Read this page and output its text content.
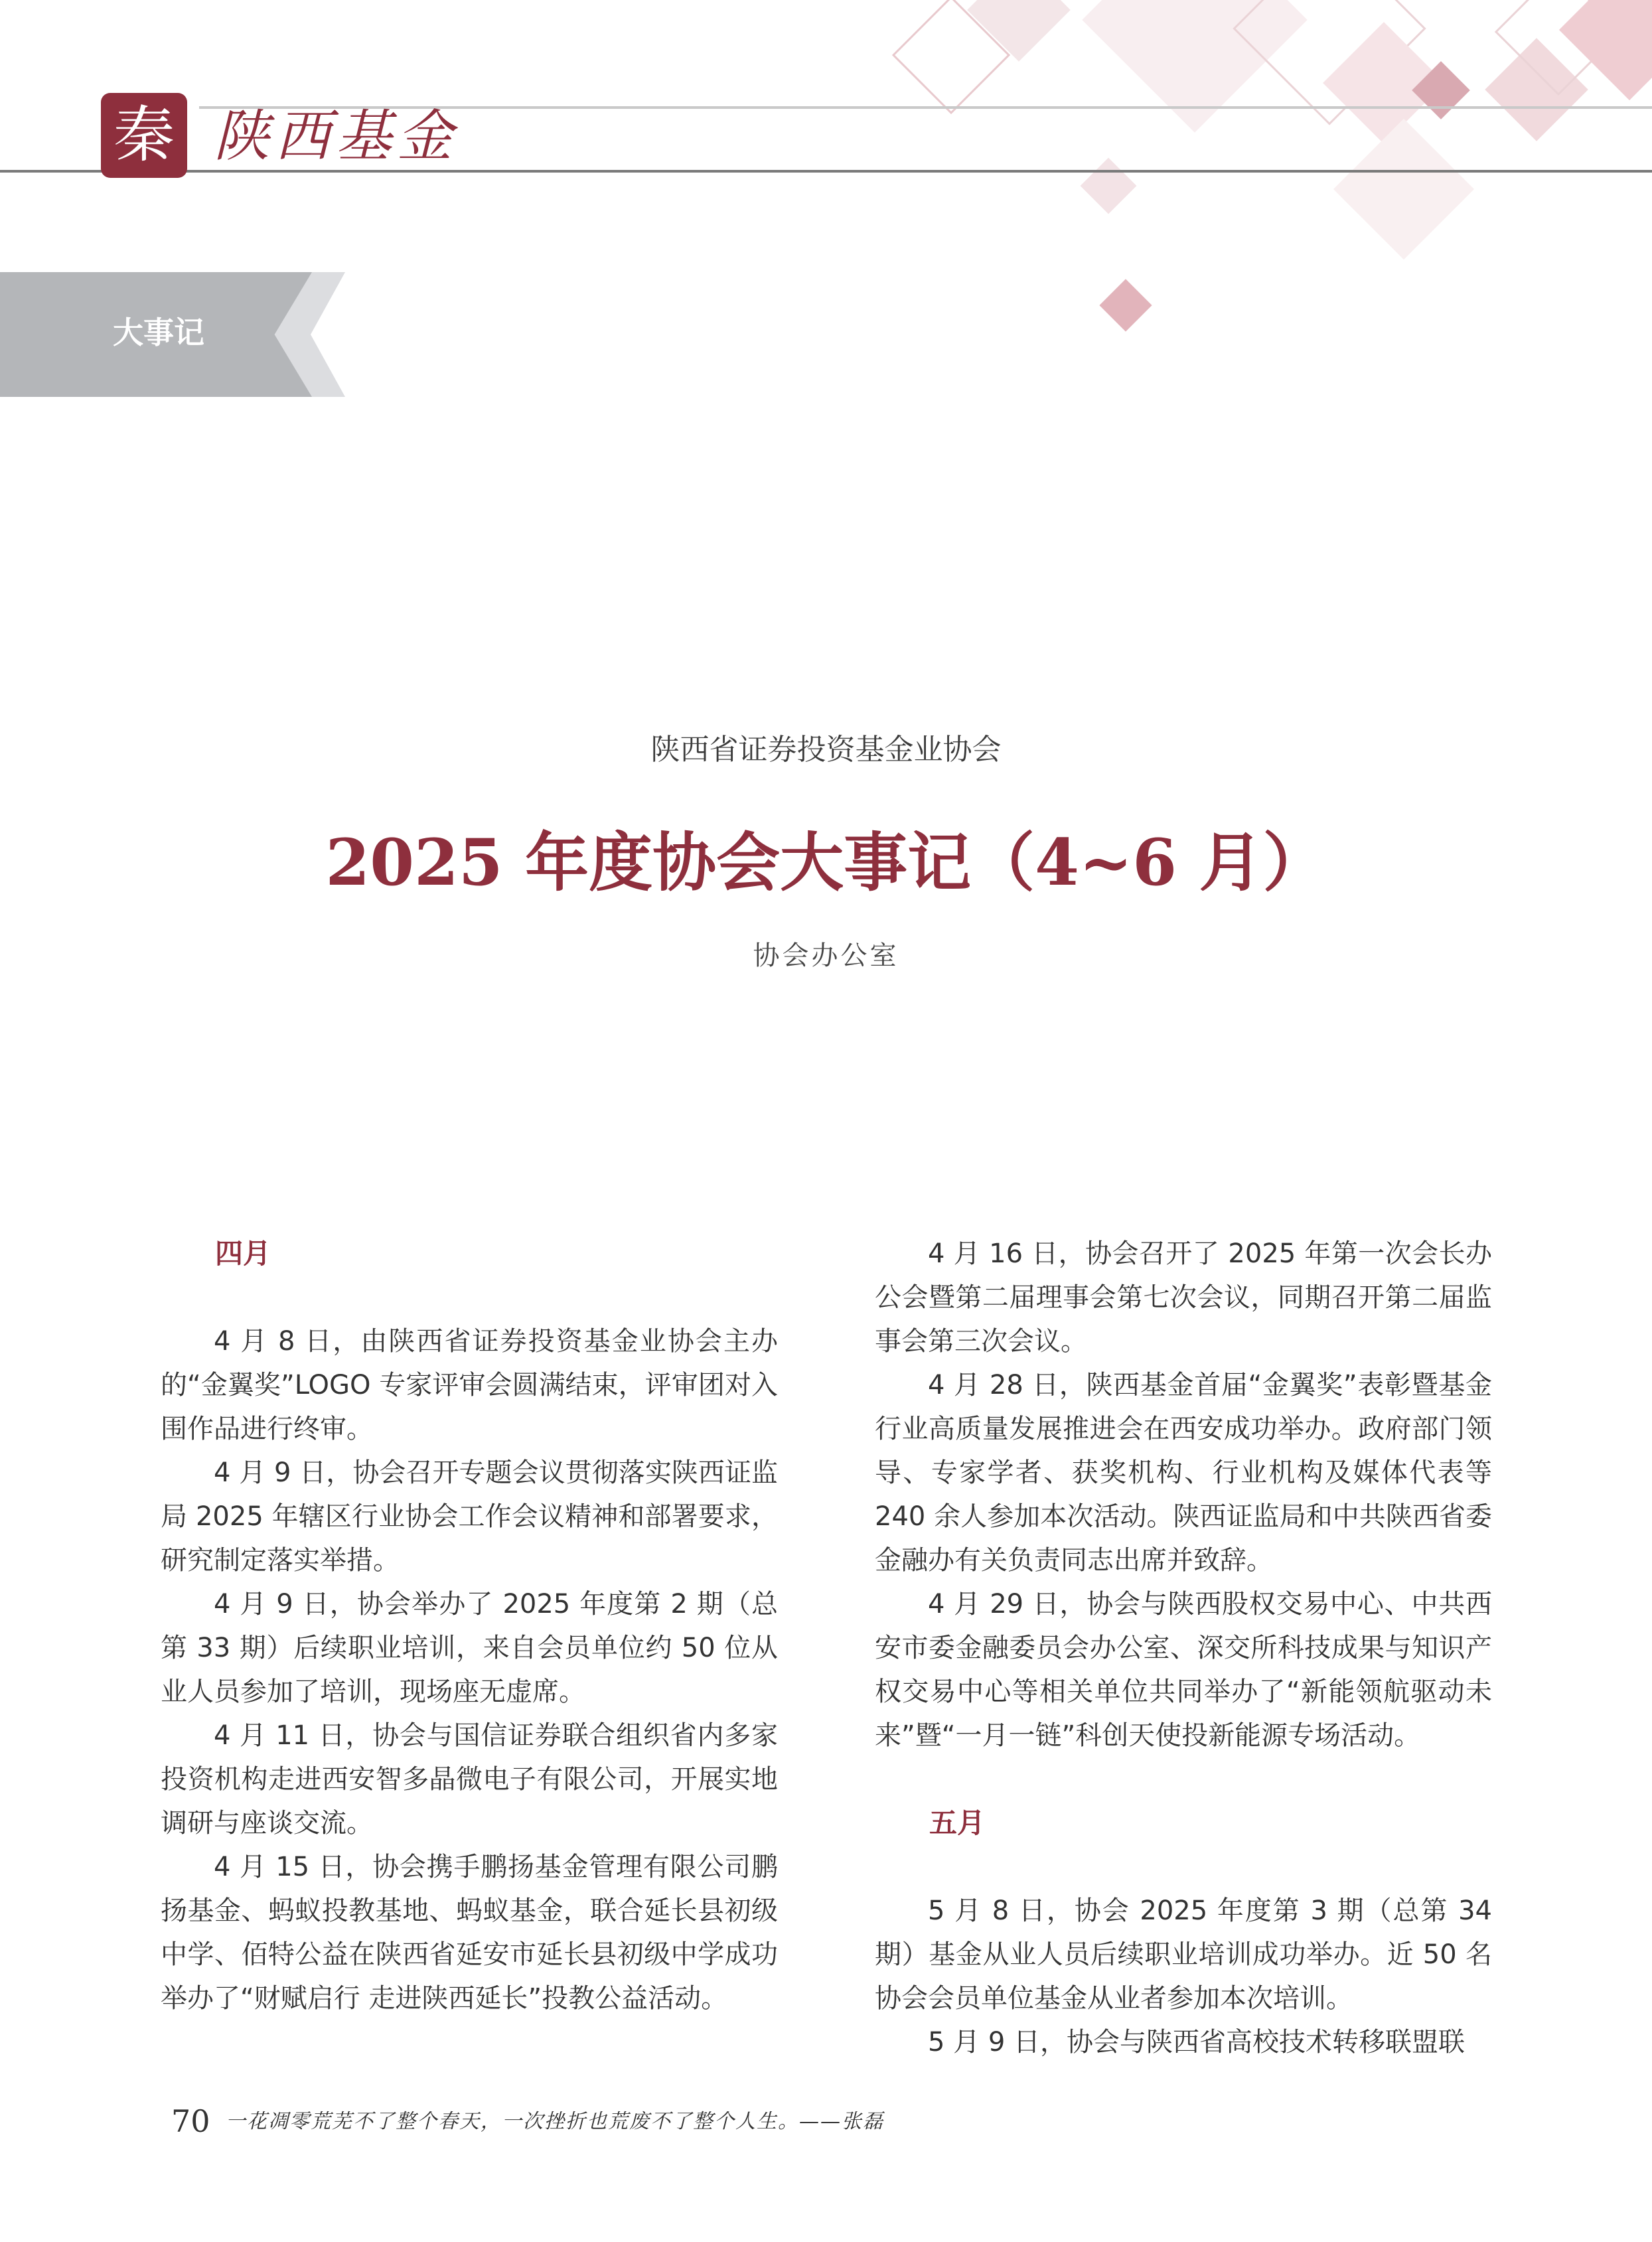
秦 陕西基金
大事记
陕西省证券投资基金业协会
2025 年度协会大事记（4~6 月）
协会办公室
四月

4 月 8 日，由陕西省证券投资基金业协会主办的“金翼奖”LOGO 专家评审会圆满结束，评审团对入围作品进行终审。

4 月 9 日，协会召开专题会议贯彻落实陕西证监局 2025 年辖区行业协会工作会议精神和部署要求，研究制定落实举措。

4 月 9 日，协会举办了 2025 年度第 2 期（总第 33 期）后续职业培训，来自会员单位约 50 位从业人员参加了培训，现场座无虚席。

4 月 11 日，协会与国信证券联合组织省内多家投资机构走进西安智多晶微电子有限公司，开展实地调研与座谈交流。

4 月 15 日，协会携手鹏扬基金管理有限公司鹏扬基金、蚂蚁投教基地、蚂蚁基金，联合延长县初级中学、佰特公益在陕西省延安市延长县初级中学成功举办了“财赋启行 走进陕西延长”投教公益活动。

4 月 16 日，协会召开了 2025 年第一次会长办公会暨第二届理事会第七次会议，同期召开第二届监事会第三次会议。

4 月 28 日，陕西基金首届“金翼奖”表彰暨基金行业高质量发展推进会在西安成功举办。政府部门领导、专家学者、获奖机构、行业机构及媒体代表等 240 余人参加本次活动。陕西证监局和中共陕西省委金融办有关负责同志出席并致辞。

4 月 29 日，协会与陕西股权交易中心、中共西安市委金融委员会办公室、深交所科技成果与知识产权交易中心等相关单位共同举办了“新能领航驱动未来”暨“一月一链”科创天使投新能源专场活动。

五月

5 月 8 日，协会 2025 年度第 3 期（总第 34 期）基金从业人员后续职业培训成功举办。近 50 名协会会员单位基金从业者参加本次培训。

5 月 9 日，协会与陕西省高校技术转移联盟联

70 一花凋零荒芜不了整个春天，一次挫折也荒废不了整个人生。——张磊
